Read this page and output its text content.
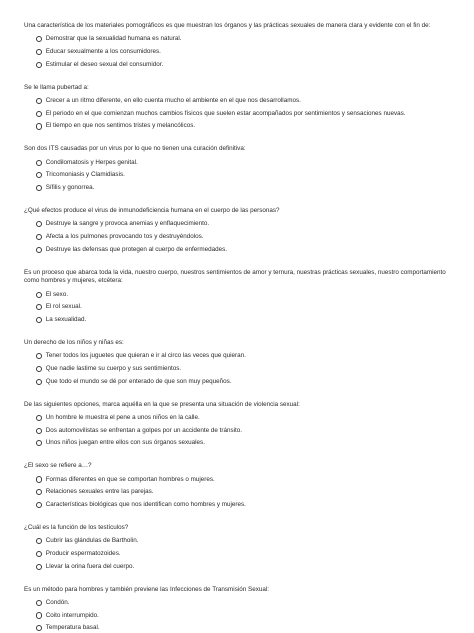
Una característica de los materiales pornográficos es que muestran los órganos y las prácticas sexuales de manera clara y evidente con el fin de:

Demostrar que la sexualidad humana es natural.
Educar sexualmente a los consumidores.
Estimular el deseo sexual del consumidor.

Se le llama pubertad a:

Crecer a un ritmo diferente, en ello cuenta mucho el ambiente en el que nos desarrollamos.
El periodo en el que comienzan muchos cambios físicos que suelen estar acompañados por sentimientos y sensaciones nuevas.
El tiempo en que nos sentimos tristes y melancólicos.

Son dos ITS causadas por un virus por lo que no tienen una curación definitiva:

Condilomatosis y Herpes genital.
Tricomoniasis y Clamidiasis.
Sífilis y gonorrea.

¿Qué efectos produce el virus de inmunodeficiencia humana en el cuerpo de las personas?

Destruye la sangre y provoca anemias y enflaquecimiento.
Afecta a los pulmones provocando tos y destruyéndolos.
Destruye las defensas que protegen al cuerpo de enfermedades.

Es un proceso que abarca toda la vida, nuestro cuerpo, nuestros sentimientos de amor y ternura, nuestras prácticas sexuales, nuestro comportamiento como hombres y mujeres, etcétera:

El sexo.
El rol sexual.
La sexualidad.

Un derecho de los niños y niñas es:

Tener todos los juguetes que quieran e ir al circo las veces que quieran.
Que nadie lastime su cuerpo y sus sentimientos.
Que todo el mundo se dé por enterado de que son muy pequeños.

De las siguientes opciones, marca aquélla en la que se presenta una situación de violencia sexual:

Un hombre le muestra el pene a unos niños en la calle.
Dos automovilistas se enfrentan a golpes por un accidente de tránsito.
Unos niños juegan entre ellos con sus órganos sexuales.

¿El sexo se refiere a…?

Formas diferentes en que se comportan hombres o mujeres.
Relaciones sexuales entre las parejas.
Características biológicas que nos identifican como hombres y mujeres.

¿Cuál es la función de los testículos?

Cubrir las glándulas de Bartholin.
Producir espermatozoides.
Llevar la orina fuera del cuerpo.

Es un método para hombres y también previene las Infecciones de Transmisión Sexual:

Condón.
Coito interrumpido.
Temperatura basal.
